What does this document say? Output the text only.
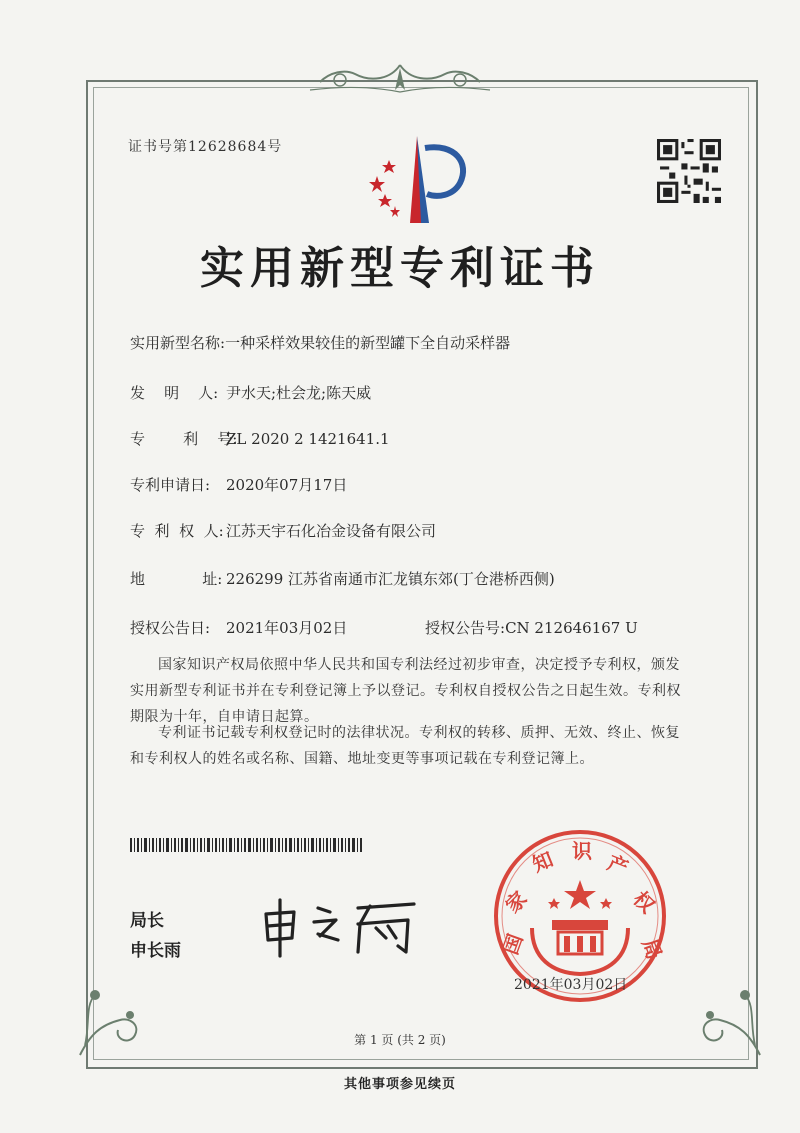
证书号第12628684号
实用新型专利证书
实用新型名称:一种采样效果较佳的新型罐下全自动采样器
发    明    人: 尹水天;杜会龙;陈天威
专        利    号:ZL 2020 2 1421641.1
专利申请日: 2020年07月17日
专  利  权  人: 江苏天宇石化冶金设备有限公司
地            址: 226299 江苏省南通市汇龙镇东郊(丁仓港桥西侧)
授权公告日: 2021年03月02日	授权公告号:CN 212646167 U
国家知识产权局依照中华人民共和国专利法经过初步审查，决定授予专利权，颁发实用新型专利证书并在专利登记簿上予以登记。专利权自授权公告之日起生效。专利权期限为十年，自申请日起算。
专利证书记载专利权登记时的法律状况。专利权的转移、质押、无效、终止、恢复和专利权人的姓名或名称、国籍、地址变更等事项记载在专利登记簿上。
局长
申长雨	国
家
知 识 产
权
局
2021年03月02日
第 1 页 (共 2 页)
其他事项参见续页
